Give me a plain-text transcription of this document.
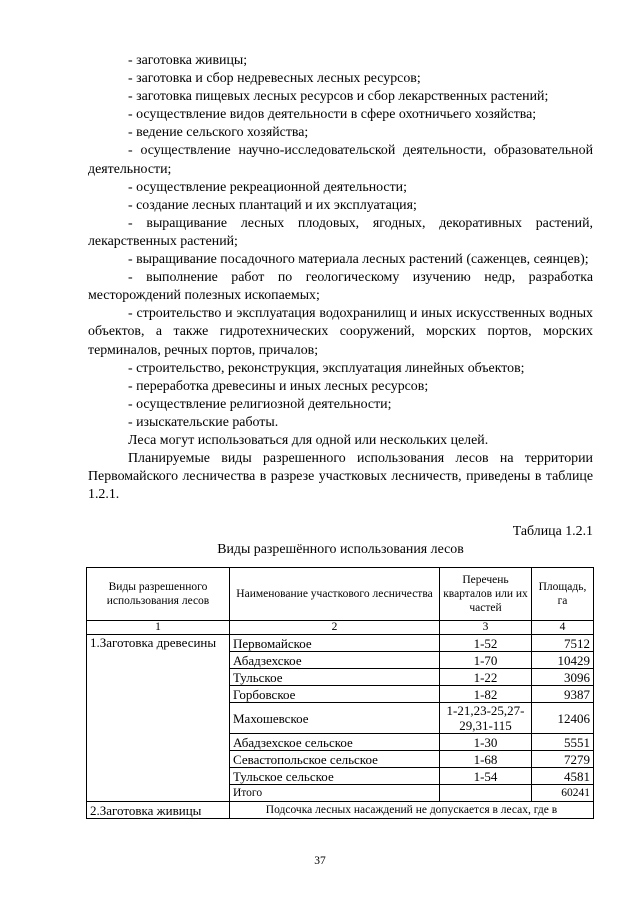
- заготовка живицы;

- заготовка и сбор недревесных лесных ресурсов;

- заготовка пищевых лесных ресурсов и сбор лекарственных растений;

- осуществление видов деятельности в сфере охотничьего хозяйства;

- ведение сельского хозяйства;

- осуществление научно-исследовательской деятельности, образовательной деятельности;

- осуществление рекреационной деятельности;

- создание лесных плантаций и их эксплуатация;

- выращивание лесных плодовых, ягодных, декоративных растений, лекарственных растений;

- выращивание посадочного материала лесных растений (саженцев, сеянцев);

- выполнение работ по геологическому изучению недр, разработка месторождений полезных ископаемых;

- строительство и эксплуатация водохранилищ и иных искусственных водных объектов, а также гидротехнических сооружений, морских портов, морских терминалов, речных портов, причалов;

- строительство, реконструкция, эксплуатация линейных объектов;

- переработка древесины и иных лесных ресурсов;

- осуществление религиозной деятельности;

- изыскательские работы.

Леса могут использоваться для одной или нескольких целей.

Планируемые виды разрешенного использования лесов на территории Первомайского лесничества в разрезе участковых лесничеств, приведены в таблице 1.2.1.

Таблица 1.2.1
Виды разрешённого использования лесов
Виды разрешенного использования лесов	Наименование участкового лесничества	Перечень кварталов или их частей	Площадь, га
1	2	3	4
1.Заготовка древесины	Первомайское	1-52	7512
	Абадзехское	1-70	10429
	Тульское	1-22	3096
	Горбовское	1-82	9387
	Махошевское	1-21,23-25,27-29,31-115	12406
	Абадзехское сельское	1-30	5551
	Севастопольское сельское	1-68	7279
	Тульское сельское	1-54	4581
	Итого		60241
2.Заготовка живицы	Подсочка лесных насаждений не допускается в лесах, где в		
37
